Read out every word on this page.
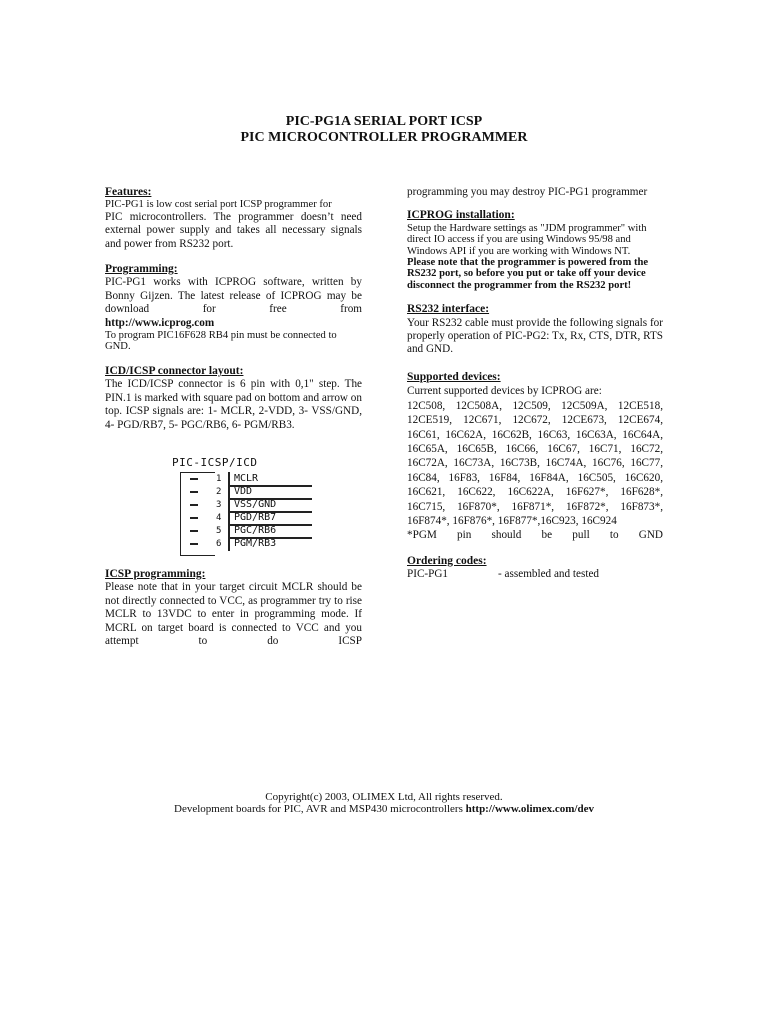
PIC-PG1A SERIAL PORT ICSP
PIC MICROCONTROLLER PROGRAMMER

Features:

PIC-PG1 is low cost serial port ICSP programmer for

PIC microcontrollers. The programmer doesn’t need external power supply and takes all necessary signals and power from RS232 port.

Programming:

PIC-PG1 works with ICPROG software, written by Bonny Gijzen. The latest release of ICPROG may be download for free from

http://www.icprog.com

To program PIC16F628 RB4 pin must be connected to GND.

ICD/ICSP connector layout:

The ICD/ICSP connector is 6 pin with 0,1" step. The PIN.1 is marked with square pad on bottom and arrow on top. ICSP signals are: 1- MCLR, 2-VDD, 3- VSS/GND, 4- PGD/RB7, 5- PGC/RB6, 6- PGM/RB3.

PIC-ICSP/ICD
1 MCLR
2 VDD
3 VSS/GND
4 PGD/RB7
5 PGC/RB6
6 PGM/RB3

ICSP programming:

Please note that in your target circuit MCLR should be not directly connected to VCC, as programmer try to rise MCLR to 13VDC to enter in programming mode. If MCRL on target board is connected to VCC and you attempt to do ICSP

programming you may destroy PIC-PG1 programmer

ICPROG installation:

Setup the Hardware settings as "JDM programmer" with direct IO access if you are using Windows 95/98 and Windows API if you are working with Windows NT.

Please note that the programmer is powered from the RS232 port, so before you put or take off your device disconnect the programmer from the RS232 port!

RS232 interface:

Your RS232 cable must provide the following signals for properly operation of PIC-PG2: Tx, Rx, CTS, DTR, RTS and GND.

Supported devices:

Current supported devices by ICPROG are:

12C508, 12C508A, 12C509, 12C509A, 12CE518, 12CE519, 12C671, 12C672, 12CE673, 12CE674, 16C61, 16C62A, 16C62B, 16C63, 16C63A, 16C64A, 16C65A, 16C65B, 16C66, 16C67, 16C71, 16C72, 16C72A, 16C73A, 16C73B, 16C74A, 16C76, 16C77, 16C84, 16F83, 16F84, 16F84A, 16C505, 16C620, 16C621, 16C622, 16C622A, 16F627*, 16F628*, 16C715, 16F870*, 16F871*, 16F872*, 16F873*, 16F874*, 16F876*, 16F877*,16C923, 16C924

*PGM pin should be pull to GND

Ordering codes:

PIC-PG1	- assembled and tested

Copyright(c) 2003, OLIMEX Ltd, All rights reserved.
Development boards for PIC, AVR and MSP430 microcontrollers http://www.olimex.com/dev
